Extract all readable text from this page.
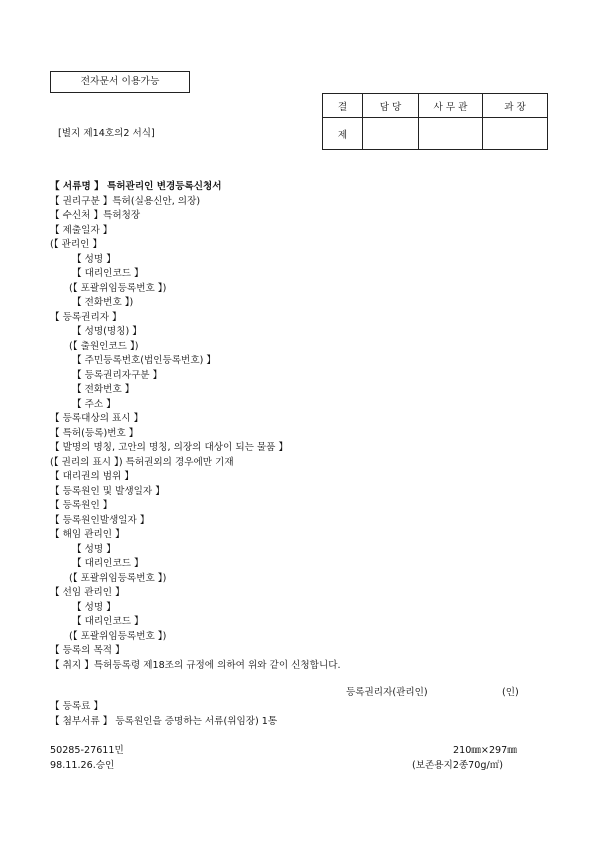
전자문서 이용가능
[별지 제14호의2 서식]
결	담 당	사 무 관	과 장
제			
【 서류명 】 특허관리인 변경등록신청서
【 권리구분 】특허(실용신안, 의장)
【 수신처 】특허청장
【 제출일자 】
(【 관리인 】
【 성명 】
【 대리인코드 】
(【 포괄위임등록번호 】)
【 전화번호 】)
【 등록권리자 】
【 성명(명칭) 】
(【 출원인코드 】)
【 주민등록번호(법인등록번호) 】
【 등록권리자구분 】
【 전화번호 】
【 주소 】
【 등록대상의 표시 】
【 특허(등록)번호 】
【 발명의 명칭, 고안의 명칭, 의장의 대상이 되는 물품 】
(【 권리의 표시 】) 특허권외의 경우에만 기재
【 대리권의 범위 】
【 등록원인 및 발생일자 】
【 등록원인 】
【 등록원인발생일자 】
【 해임 관리인 】
【 성명 】
【 대리인코드 】
(【 포괄위임등록번호 】)
【 선임 관리인 】
【 성명 】
【 대리인코드 】
(【 포괄위임등록번호 】)
【 등록의 목적 】
【 취지 】특허등록령 제18조의 규정에 의하여 위와 같이 신청합니다.
등록권리자(관리인)	(인)
【 등록료 】
【 첨부서류 】 등록원인을 증명하는 서류(위임장) 1통
50285-27611민
98.11.26.승인
210㎜×297㎜
(보존용지2종70g/㎡)
